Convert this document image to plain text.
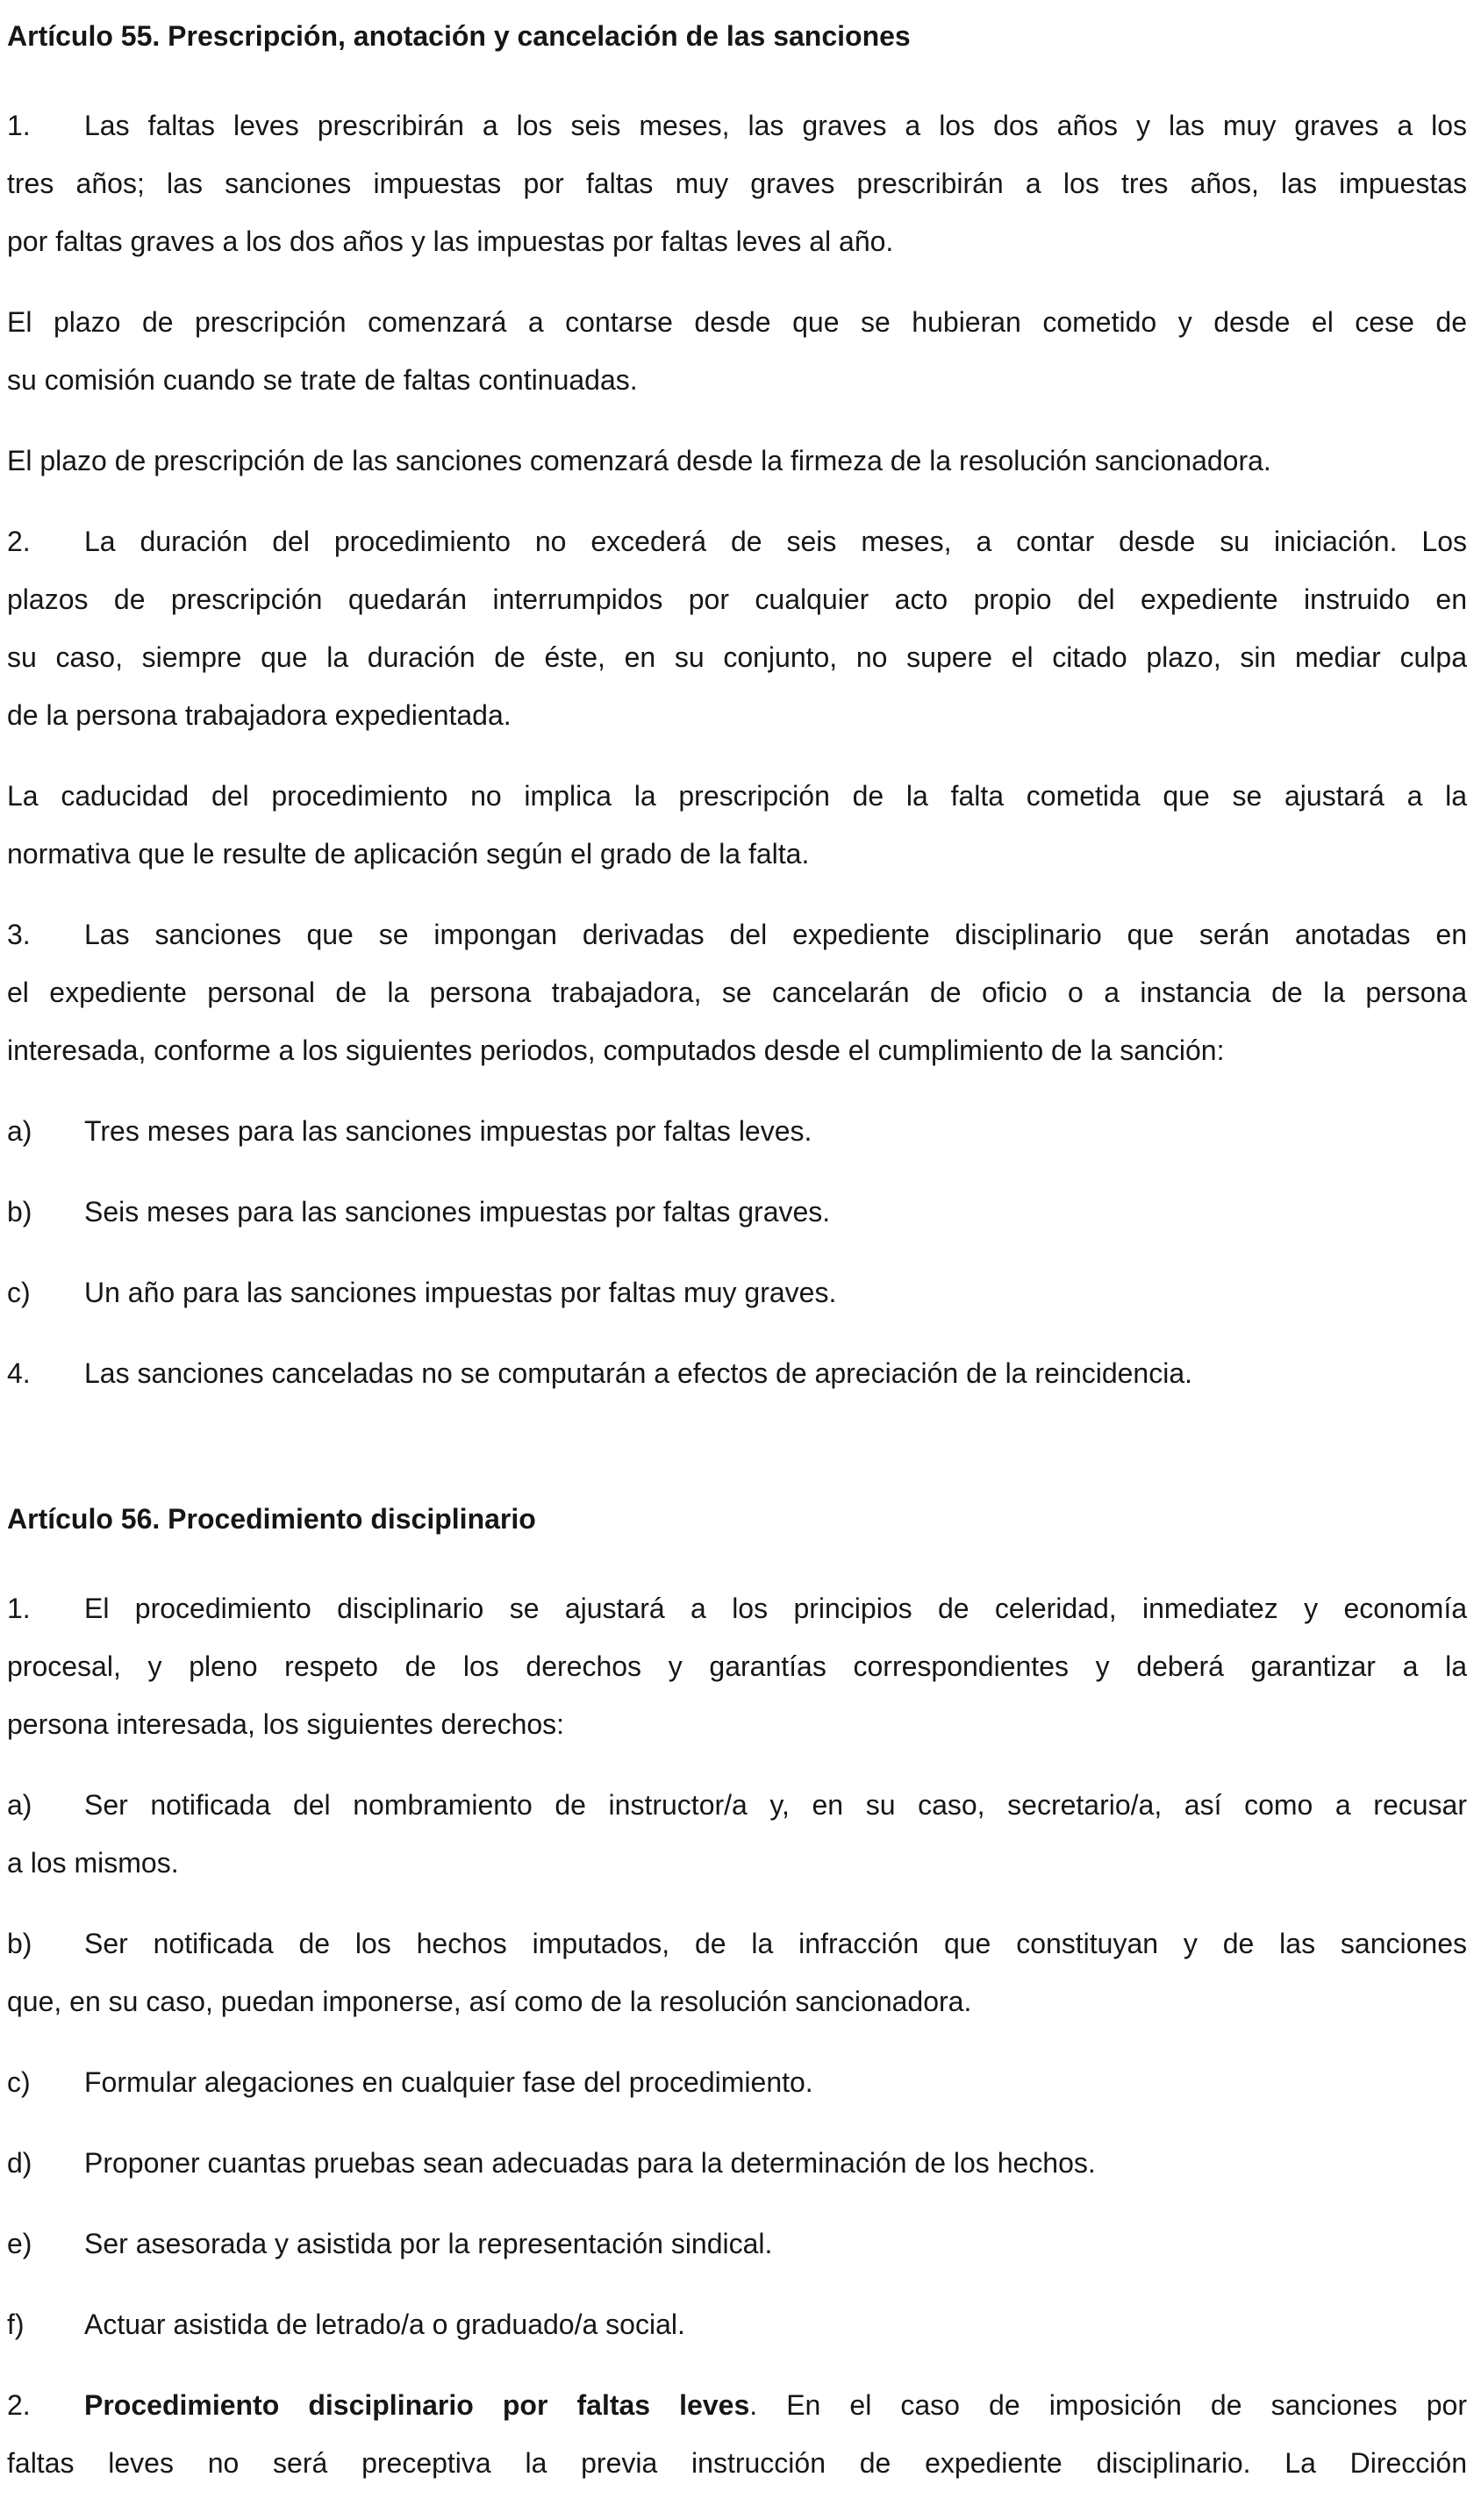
Artículo 55. Prescripción, anotación y cancelación de las sanciones
1. Las faltas leves prescribirán a los seis meses, las graves a los dos años y las muy graves a los
tres años; las sanciones impuestas por faltas muy graves prescribirán a los tres años, las impuestas
por faltas graves a los dos años y las impuestas por faltas leves al año.
El plazo de prescripción comenzará a contarse desde que se hubieran cometido y desde el cese de
su comisión cuando se trate de faltas continuadas.
El plazo de prescripción de las sanciones comenzará desde la firmeza de la resolución sancionadora.
2. La duración del procedimiento no excederá de seis meses, a contar desde su iniciación. Los
plazos de prescripción quedarán interrumpidos por cualquier acto propio del expediente instruido en
su caso, siempre que la duración de éste, en su conjunto, no supere el citado plazo, sin mediar culpa
de la persona trabajadora expedientada.
La caducidad del procedimiento no implica la prescripción de la falta cometida que se ajustará a la
normativa que le resulte de aplicación según el grado de la falta.
3. Las sanciones que se impongan derivadas del expediente disciplinario que serán anotadas en
el expediente personal de la persona trabajadora, se cancelarán de oficio o a instancia de la persona
interesada, conforme a los siguientes periodos, computados desde el cumplimiento de la sanción:
a) Tres meses para las sanciones impuestas por faltas leves.
b) Seis meses para las sanciones impuestas por faltas graves.
c) Un año para las sanciones impuestas por faltas muy graves.
4. Las sanciones canceladas no se computarán a efectos de apreciación de la reincidencia.
Artículo 56. Procedimiento disciplinario
1. El procedimiento disciplinario se ajustará a los principios de celeridad, inmediatez y economía
procesal, y pleno respeto de los derechos y garantías correspondientes y deberá garantizar a la
persona interesada, los siguientes derechos:
a) Ser notificada del nombramiento de instructor/a y, en su caso, secretario/a, así como a recusar
a los mismos.
b) Ser notificada de los hechos imputados, de la infracción que constituyan y de las sanciones
que, en su caso, puedan imponerse, así como de la resolución sancionadora.
c) Formular alegaciones en cualquier fase del procedimiento.
d) Proponer cuantas pruebas sean adecuadas para la determinación de los hechos.
e) Ser asesorada y asistida por la representación sindical.
f) Actuar asistida de letrado/a o graduado/a social.
2. Procedimiento disciplinario por faltas leves. En el caso de imposición de sanciones por
faltas leves no será preceptiva la previa instrucción de expediente disciplinario. La Dirección
